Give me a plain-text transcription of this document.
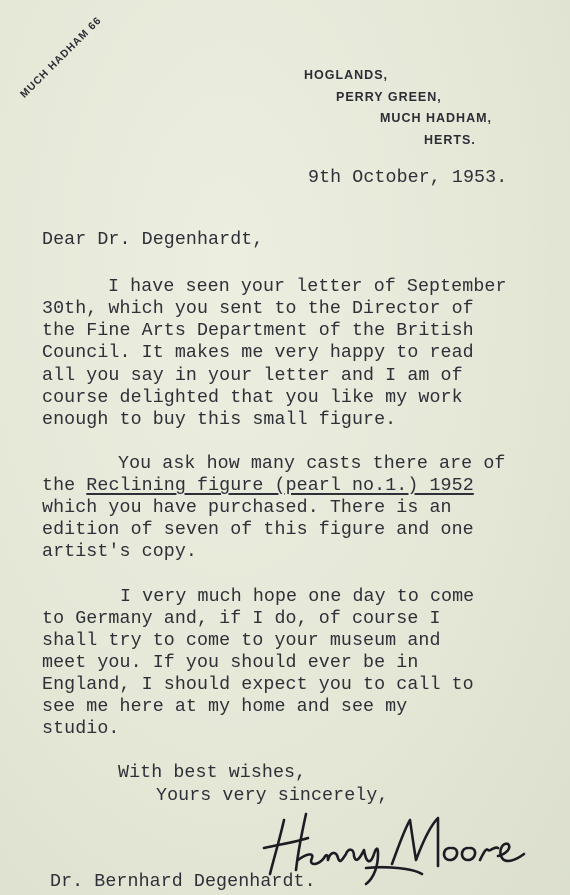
MUCH HADHAM 66	HOGLANDS,
PERRY GREEN,
MUCH HADHAM,
HERTS.
9th October, 1953.
Dear Dr. Degenhardt,
I have seen your letter of September
30th, which you sent to the Director of
the Fine Arts Department of the British
Council. It makes me very happy to read
all you say in your letter and I am of
course delighted that you like my work
enough to buy this small figure.
You ask how many casts there are of
the Reclining figure (pearl no.1.) 1952
which you have purchased. There is an
edition of seven of this figure and one
artist's copy.
I very much hope one day to come
to Germany and, if I do, of course I
shall try to come to your museum and
meet you. If you should ever be in
England, I should expect you to call to
see me here at my home and see my
studio.
With best wishes,
Yours very sincerely,
Dr. Bernhard Degenhardt.
